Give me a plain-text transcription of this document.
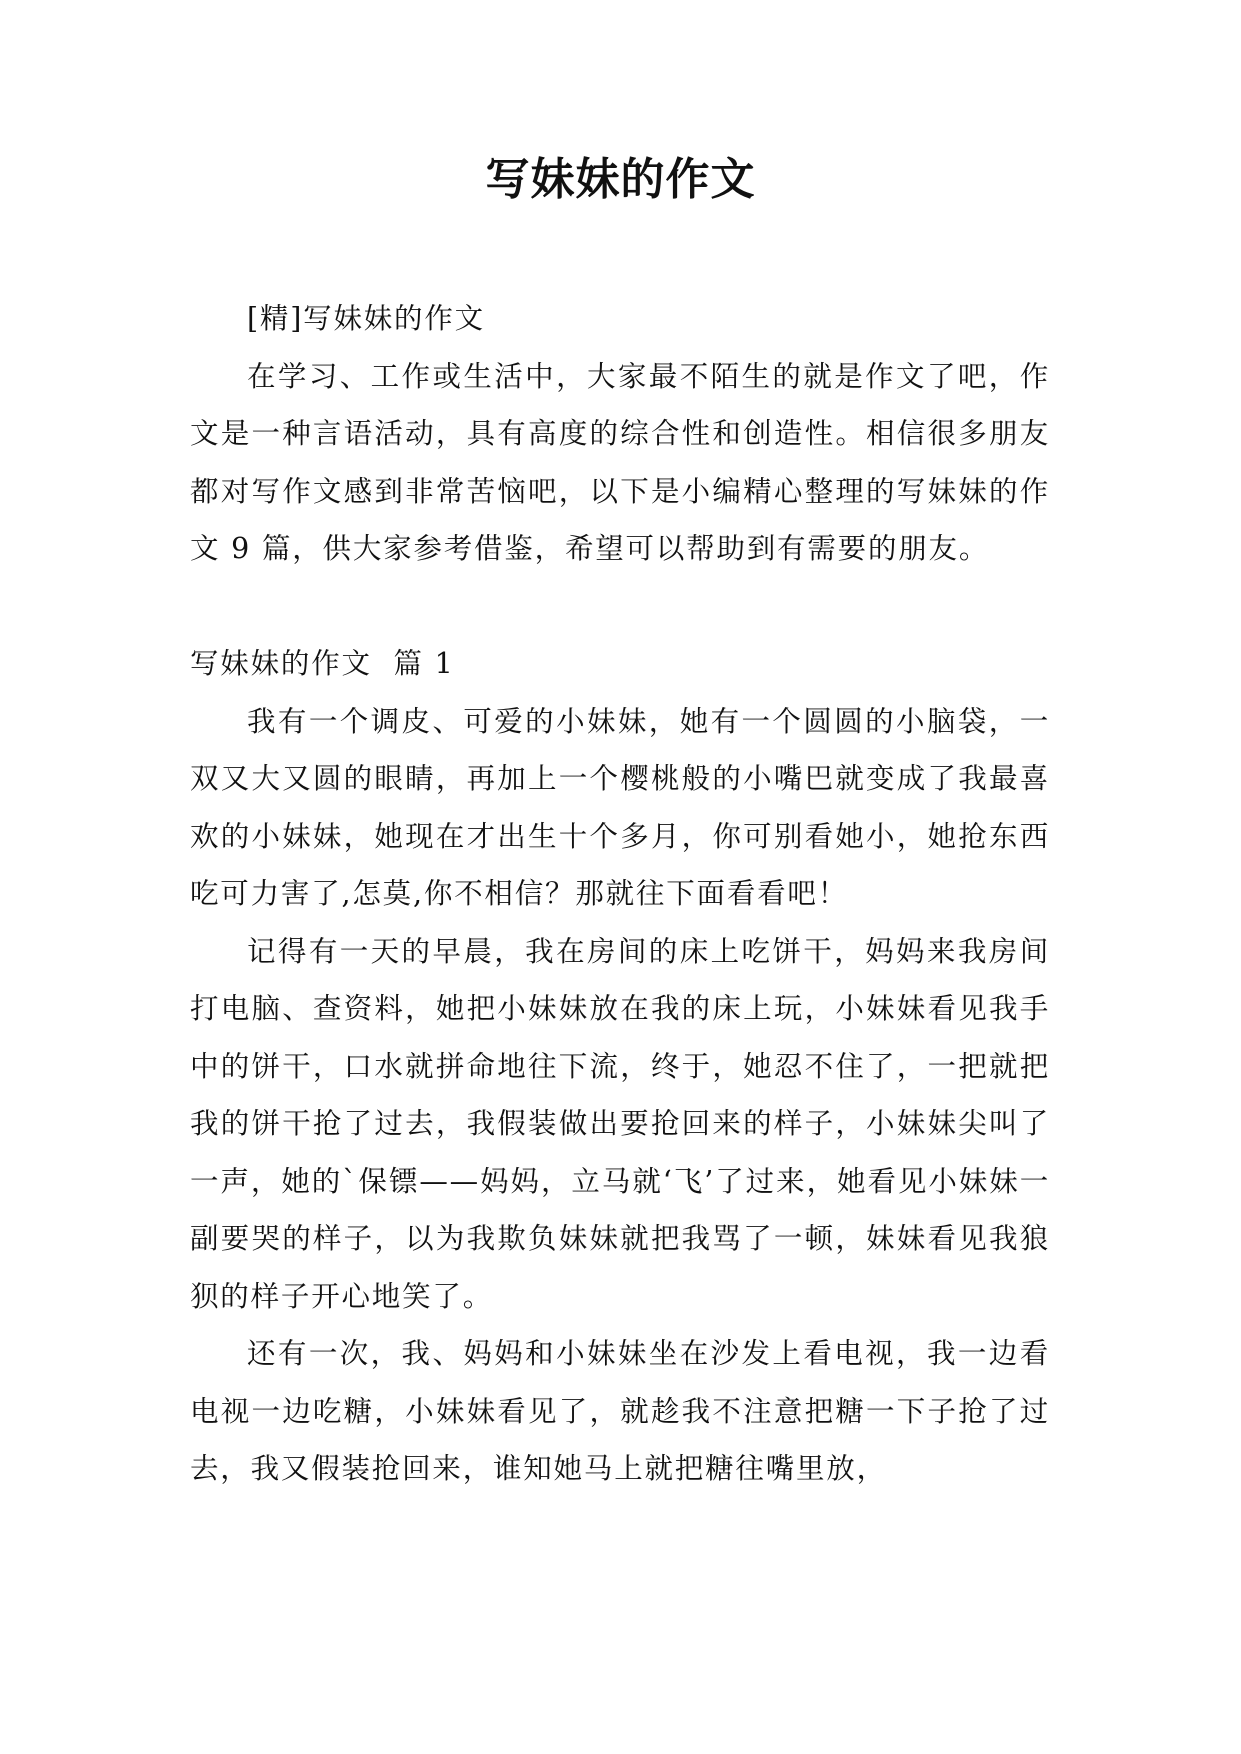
写妹妹的作文

[精]写妹妹的作文

在学习、工作或生活中，大家最不陌生的就是作文了吧，作文是一种言语活动，具有高度的综合性和创造性。相信很多朋友都对写作文感到非常苦恼吧，以下是小编精心整理的写妹妹的作文 9 篇，供大家参考借鉴，希望可以帮助到有需要的朋友。

写妹妹的作文  篇 1

我有一个调皮、可爱的小妹妹，她有一个圆圆的小脑袋，一双又大又圆的眼睛，再加上一个樱桃般的小嘴巴就变成了我最喜欢的小妹妹，她现在才出生十个多月，你可别看她小，她抢东西吃可力害了,怎莫,你不相信？那就往下面看看吧！

记得有一天的早晨，我在房间的床上吃饼干，妈妈来我房间打电脑、查资料，她把小妹妹放在我的床上玩，小妹妹看见我手中的饼干，口水就拼命地往下流，终于，她忍不住了，一把就把我的饼干抢了过去，我假装做出要抢回来的样子，小妹妹尖叫了一声，她的`保镖——妈妈，立马就‘飞’了过来，她看见小妹妹一副要哭的样子，以为我欺负妹妹就把我骂了一顿，妹妹看见我狼狈的样子开心地笑了。

还有一次，我、妈妈和小妹妹坐在沙发上看电视，我一边看电视一边吃糖，小妹妹看见了，就趁我不注意把糖一下子抢了过去，我又假装抢回来，谁知她马上就把糖往嘴里放，
